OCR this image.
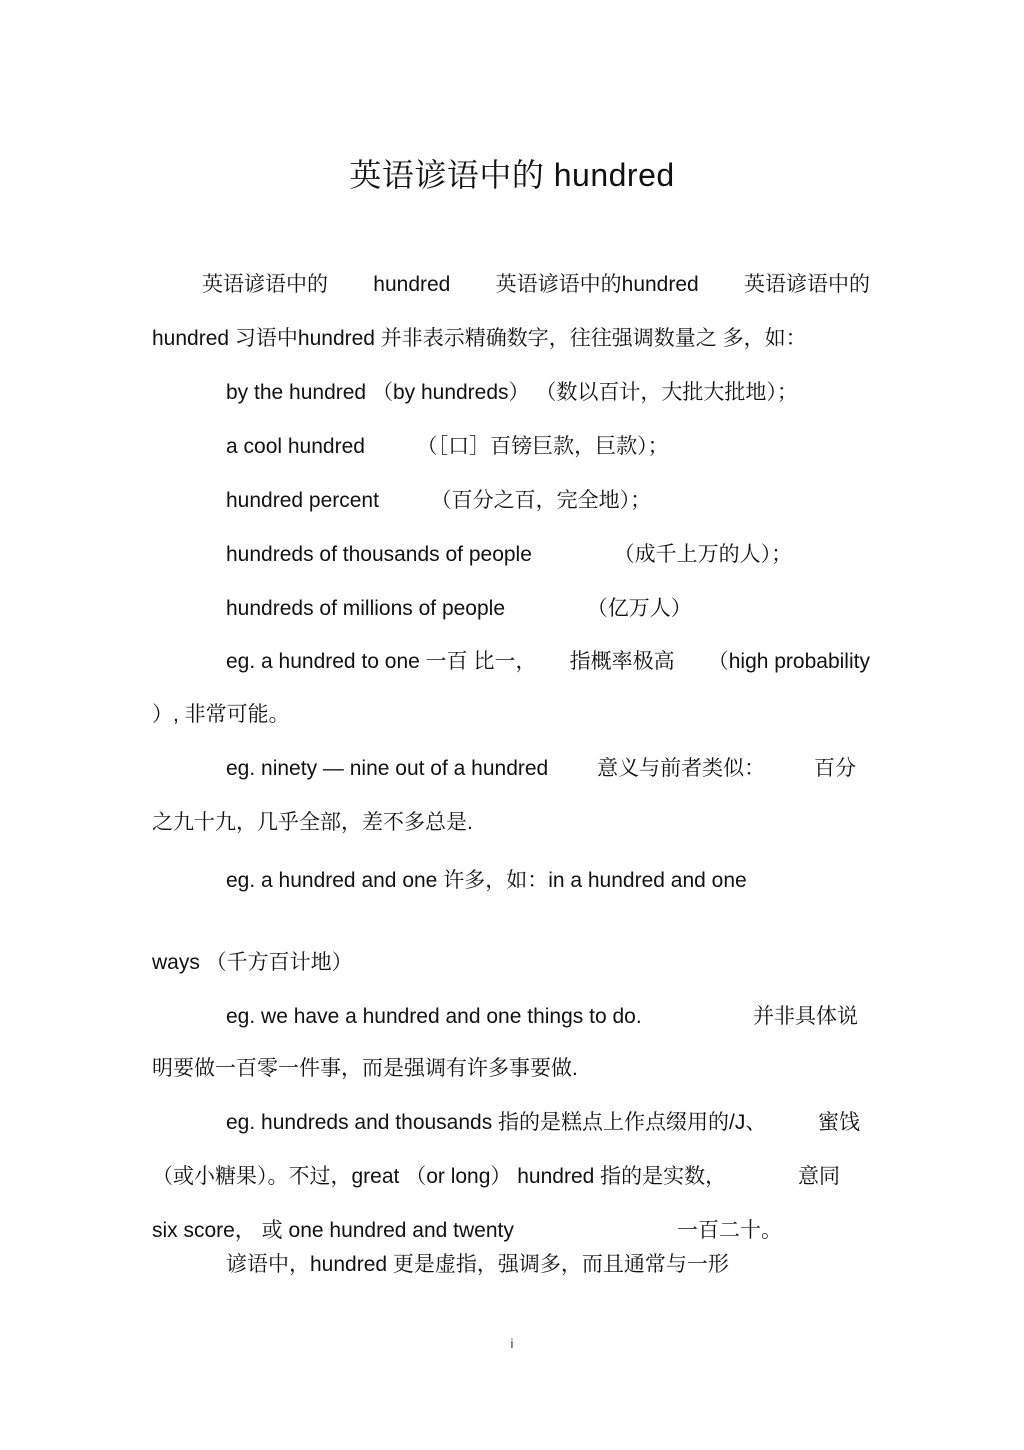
英语谚语中的 hundred
英语谚语中的 hundred 英语谚语中的hundred 英语谚语中的
hundred 习语中hundred 并非表示精确数字，往往强调数量之 多，如：
by the hundred （by hundreds） （数以百计，大批大批地）；
a cool hundred （［口］百镑巨款，巨款）；
hundred percent （百分之百，完全地）；
hundreds of thousands of people	（成千上万的人）；
hundreds of millions of people	（亿万人）
eg. a hundred to one 一百 比一， 指概率极高 （high probability
）, 非常可能。
eg. ninety — nine out of a hundred 意义与前者类似： 百分
之九十九，几乎全部，差不多总是.
eg. a hundred and one 许多，如：in a hundred and one
ways （千方百计地）
eg. we have a hundred and one things to do.	并非具体说
明要做一百零一件事，而是强调有许多事要做.
eg. hundreds and thousands 指的是糕点上作点缀用的/J、 蜜饯
（或小糖果）。不过，great （or long） hundred 指的是实数，	意同
six score， 或 one hundred and twenty	一百二十。
谚语中，hundred 更是虚指，强调多，而且通常与一形
i
